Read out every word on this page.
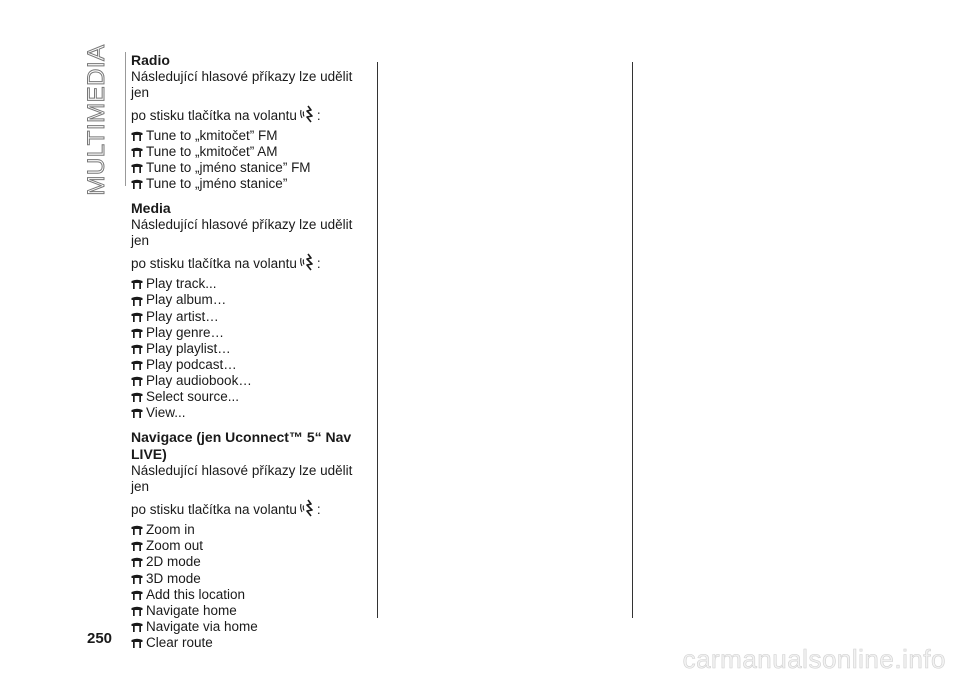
MULTIMEDIA Radio

Následující hlasové příkazy lze udělit jen
po stisku tlačítka na volantu :

Tune to „kmitočet” FM
Tune to „kmitočet” AM
Tune to „jméno stanice” FM
Tune to „jméno stanice”
Media

Následující hlasové příkazy lze udělit jen
po stisku tlačítka na volantu :

Play track...
Play album…
Play artist…
Play genre…
Play playlist…
Play podcast…
Play audiobook…
Select source...
View...
Navigace (jen Uconnect™ 5“ Nav
LIVE)

Následující hlasové příkazy lze udělit jen
po stisku tlačítka na volantu :

Zoom in
Zoom out
2D mode
3D mode
Add this location
Navigate home
Navigate via home
Clear route
250
carmanualsonline.info
